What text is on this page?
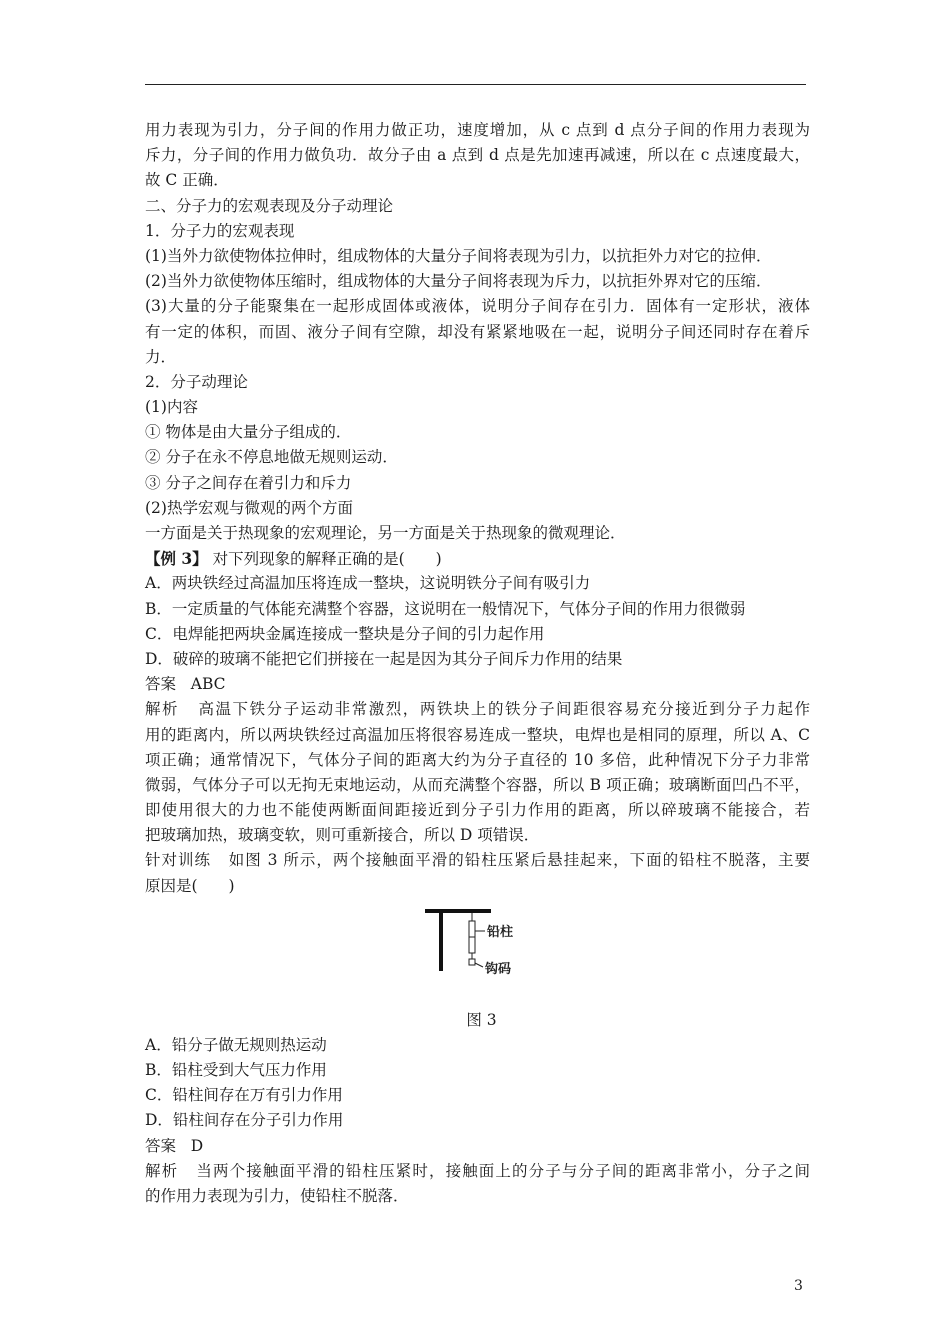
用力表现为引力，分子间的作用力做正功，速度增加，从 c 点到 d 点分子间的作用力表现为
斥力，分子间的作用力做负功．故分子由 a 点到 d 点是先加速再减速，所以在 c 点速度最大，
故 C 正确．
二、分子力的宏观表现及分子动理论
1．分子力的宏观表现
(1)当外力欲使物体拉伸时，组成物体的大量分子间将表现为引力，以抗拒外力对它的拉伸．
(2)当外力欲使物体压缩时，组成物体的大量分子间将表现为斥力，以抗拒外界对它的压缩．
(3)大量的分子能聚集在一起形成固体或液体，说明分子间存在引力．固体有一定形状，液体
有一定的体积，而固、液分子间有空隙，却没有紧紧地吸在一起，说明分子间还同时存在着斥
力．
2．分子动理论
(1)内容
① 物体是由大量分子组成的．
② 分子在永不停息地做无规则运动．
③ 分子之间存在着引力和斥力
(2)热学宏观与微观的两个方面
一方面是关于热现象的宏观理论，另一方面是关于热现象的微观理论．
【例 3】 对下列现象的解释正确的是(　　)
A．两块铁经过高温加压将连成一整块，这说明铁分子间有吸引力
B．一定质量的气体能充满整个容器，这说明在一般情况下，气体分子间的作用力很微弱
C．电焊能把两块金属连接成一整块是分子间的引力起作用
D．破碎的玻璃不能把它们拼接在一起是因为其分子间斥力作用的结果
答案 ABC
解析 高温下铁分子运动非常激烈，两铁块上的铁分子间距很容易充分接近到分子力起作
用的距离内，所以两块铁经过高温加压将很容易连成一整块，电焊也是相同的原理，所以 A、C
项正确；通常情况下，气体分子间的距离大约为分子直径的 10 多倍，此种情况下分子力非常
微弱，气体分子可以无拘无束地运动，从而充满整个容器，所以 B 项正确；玻璃断面凹凸不平，
即使用很大的力也不能使两断面间距接近到分子引力作用的距离，所以碎玻璃不能接合，若
把玻璃加热，玻璃变软，则可重新接合，所以 D 项错误．
针对训练 如图 3 所示，两个接触面平滑的铅柱压紧后悬挂起来，下面的铅柱不脱落，主要
原因是(　　)
铅柱
钩码
图 3
A．铅分子做无规则热运动
B．铅柱受到大气压力作用
C．铅柱间存在万有引力作用
D．铅柱间存在分子引力作用
答案 D
解析 当两个接触面平滑的铅柱压紧时，接触面上的分子与分子间的距离非常小，分子之间
的作用力表现为引力，使铅柱不脱落．
3
